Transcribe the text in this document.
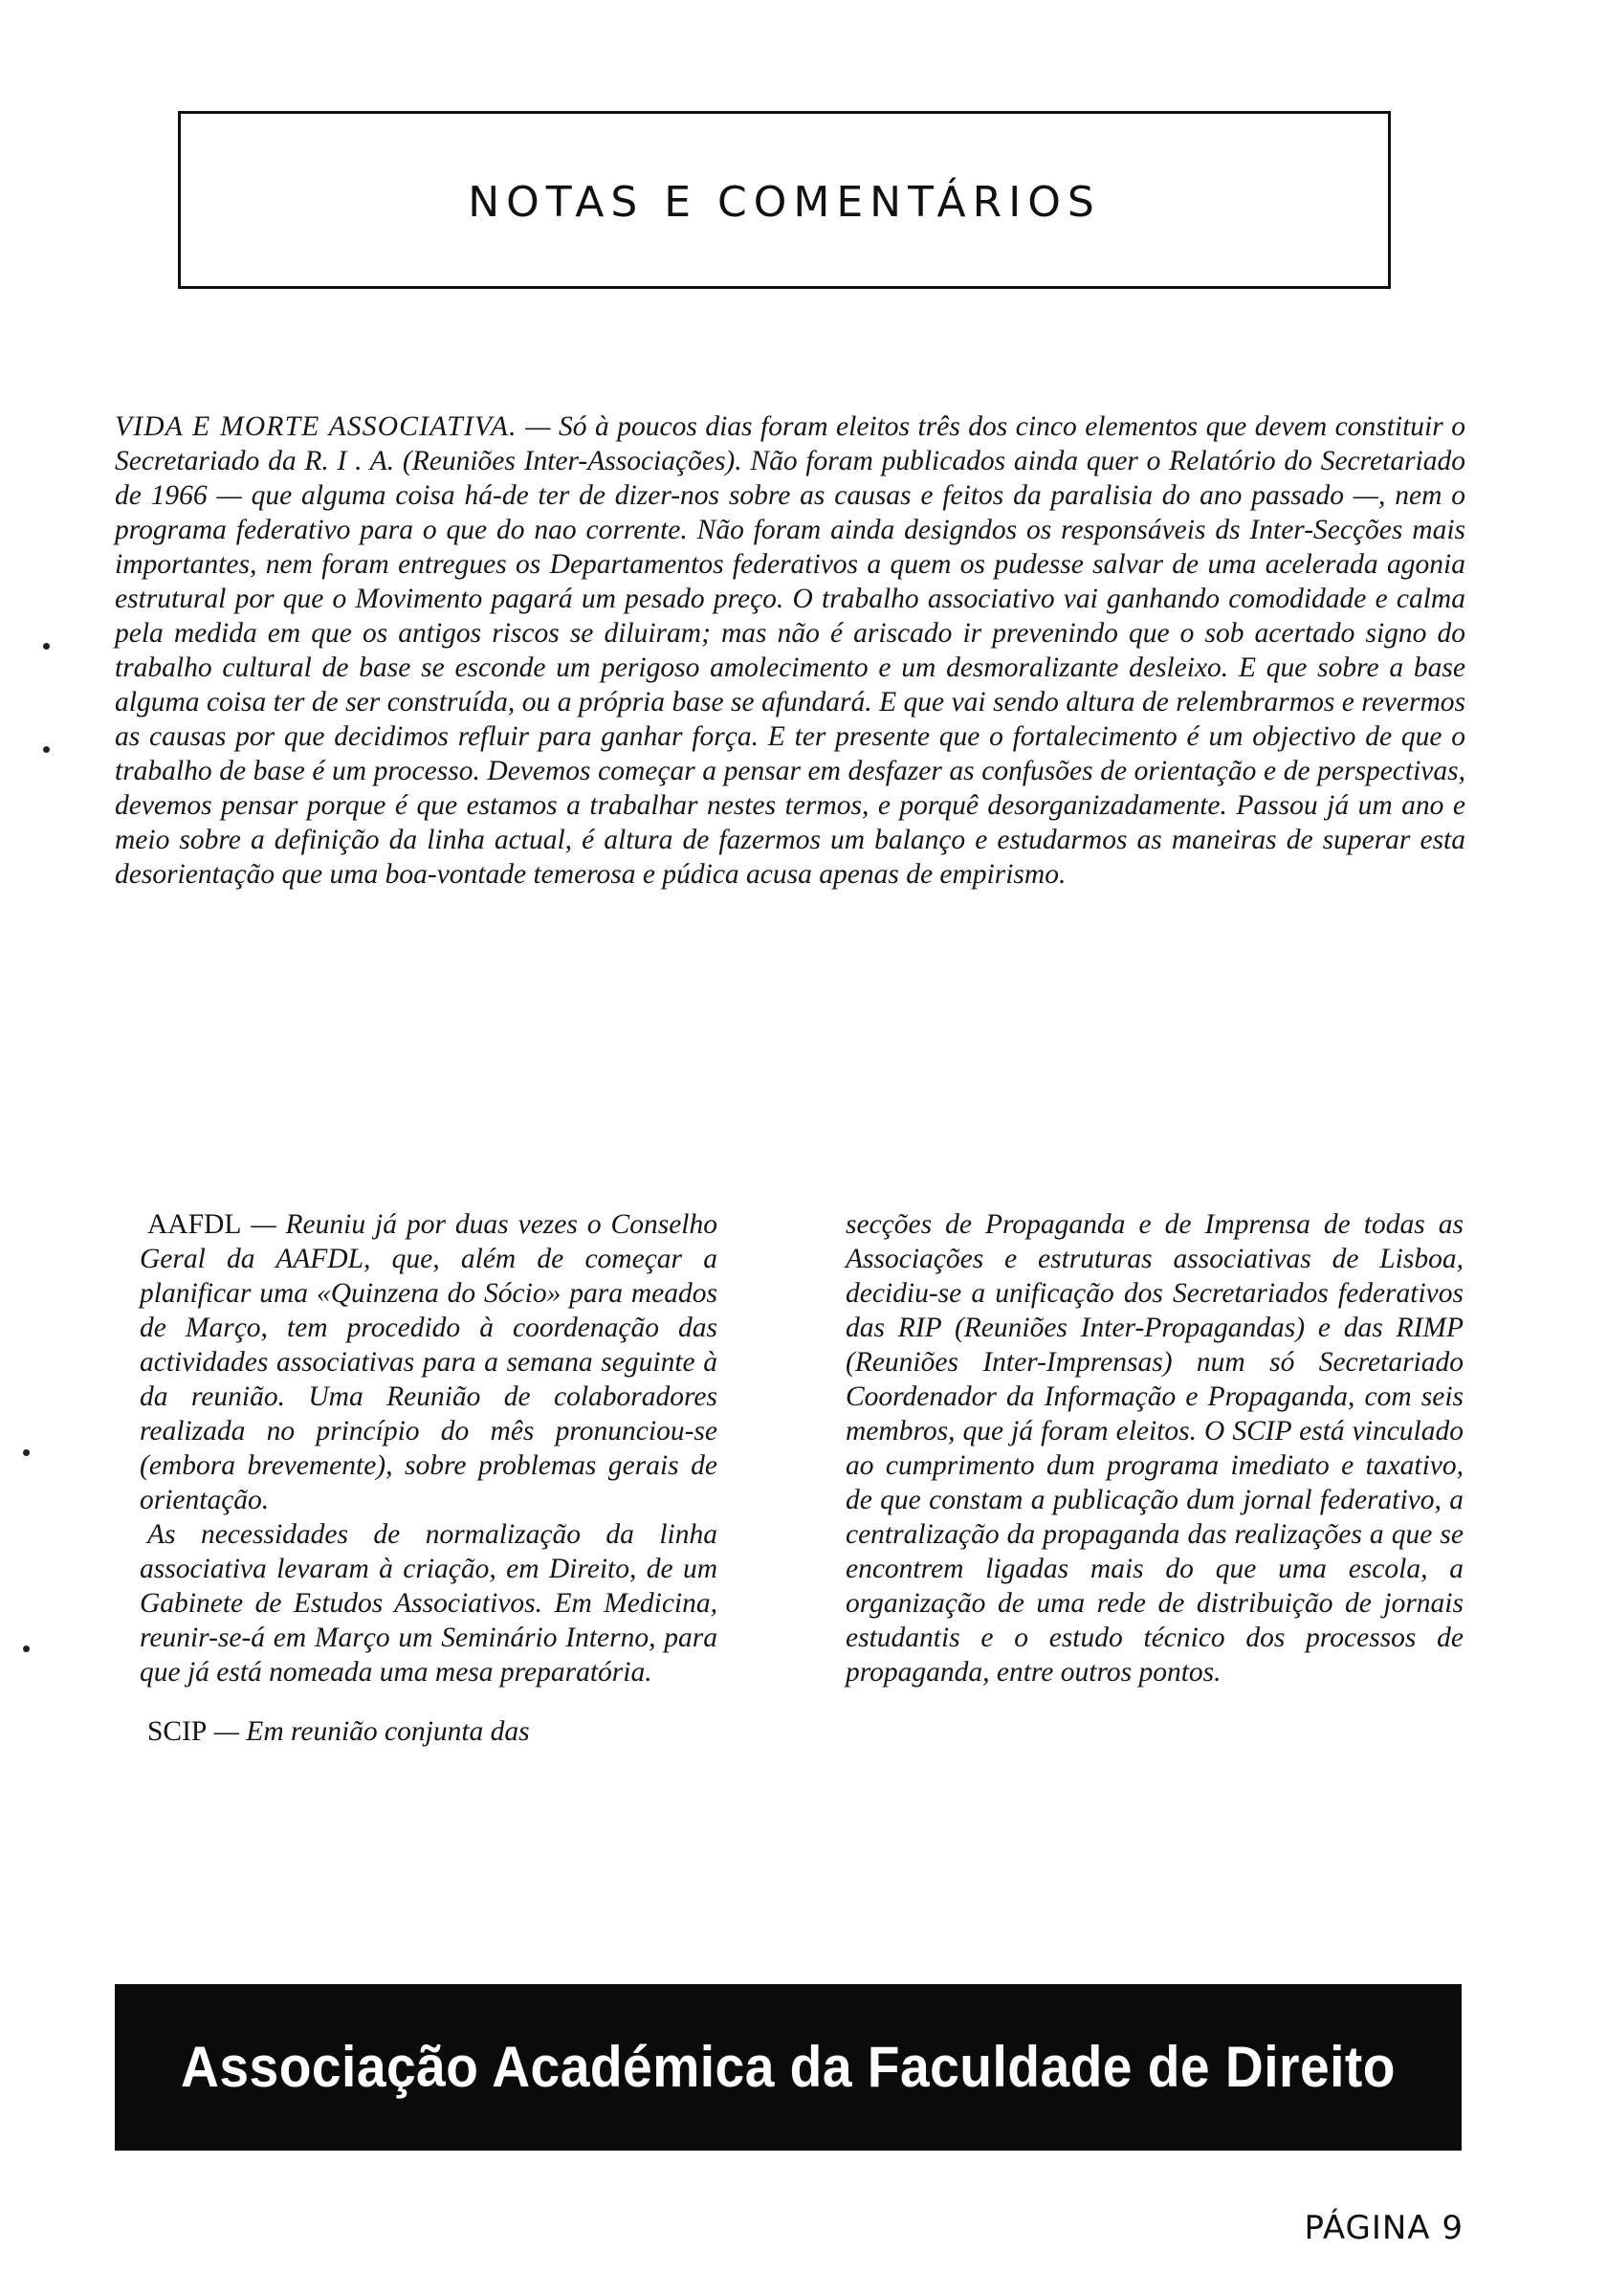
NOTAS E COMENTÁRIOS
VIDA E MORTE ASSOCIATIVA. — Só à poucos dias foram eleitos três dos cinco elementos que devem constituir o Secretariado da R. I . A. (Reuniões Inter-Associações). Não foram publicados ainda quer o Relatório do Secretariado de 1966 — que alguma coisa há-de ter de dizer-nos sobre as causas e feitos da paralisia do ano passado —, nem o programa federativo para o que do nao corrente. Não foram ainda designdos os responsáveis ds Inter-Secções mais importantes, nem foram entregues os Departamentos federativos a quem os pudesse salvar de uma acelerada agonia estrutural por que o Movimento pagará um pesado preço. O trabalho associativo vai ganhando comodidade e calma pela medida em que os antigos riscos se diluiram; mas não é ariscado ir prevenindo que o sob acertado signo do trabalho cultural de base se esconde um perigoso amolecimento e um desmoralizante desleixo. E que sobre a base alguma coisa ter de ser construída, ou a própria base se afundará. E que vai sendo altura de relembrarmos e revermos as causas por que decidimos refluir para ganhar força. E ter presente que o fortalecimento é um objectivo de que o trabalho de base é um processo. Devemos começar a pensar em desfazer as confusões de orientação e de perspectivas, devemos pensar porque é que estamos a trabalhar nestes termos, e porquê desorganizadamente. Passou já um ano e meio sobre a definição da linha actual, é altura de fazermos um balanço e estudarmos as maneiras de superar esta desorientação que uma boa-vontade temerosa e púdica acusa apenas de empirismo.

AAFDL — Reuniu já por duas vezes o Conselho Geral da AAFDL, que, além de começar a planificar uma «Quinzena do Sócio» para meados de Março, tem procedido à coordenação das actividades associativas para a semana seguinte à da reunião. Uma Reunião de colaboradores realizada no princípio do mês pronunciou-se (embora brevemente), sobre problemas gerais de orientação.

As necessidades de normalização da linha associativa levaram à criação, em Direito, de um Gabinete de Estudos Associativos. Em Medicina, reunir-se-á em Março um Seminário Interno, para que já está nomeada uma mesa preparatória.

SCIP — Em reunião conjunta das

secções de Propaganda e de Imprensa de todas as Associações e estruturas associativas de Lisboa, decidiu-se a unificação dos Secretariados federativos das RIP (Reuniões Inter-Propagandas) e das RIMP (Reuniões Inter-Imprensas) num só Secretariado Coordenador da Informação e Propaganda, com seis membros, que já foram eleitos. O SCIP está vinculado ao cumprimento dum programa imediato e taxativo, de que constam a publicação dum jornal federativo, a centralização da propaganda das realizações a que se encontrem ligadas mais do que uma escola, a organização de uma rede de distribuição de jornais estudantis e o estudo técnico dos processos de propaganda, entre outros pontos.

Associação Académica da Faculdade de Direito
PÁGINA 9
